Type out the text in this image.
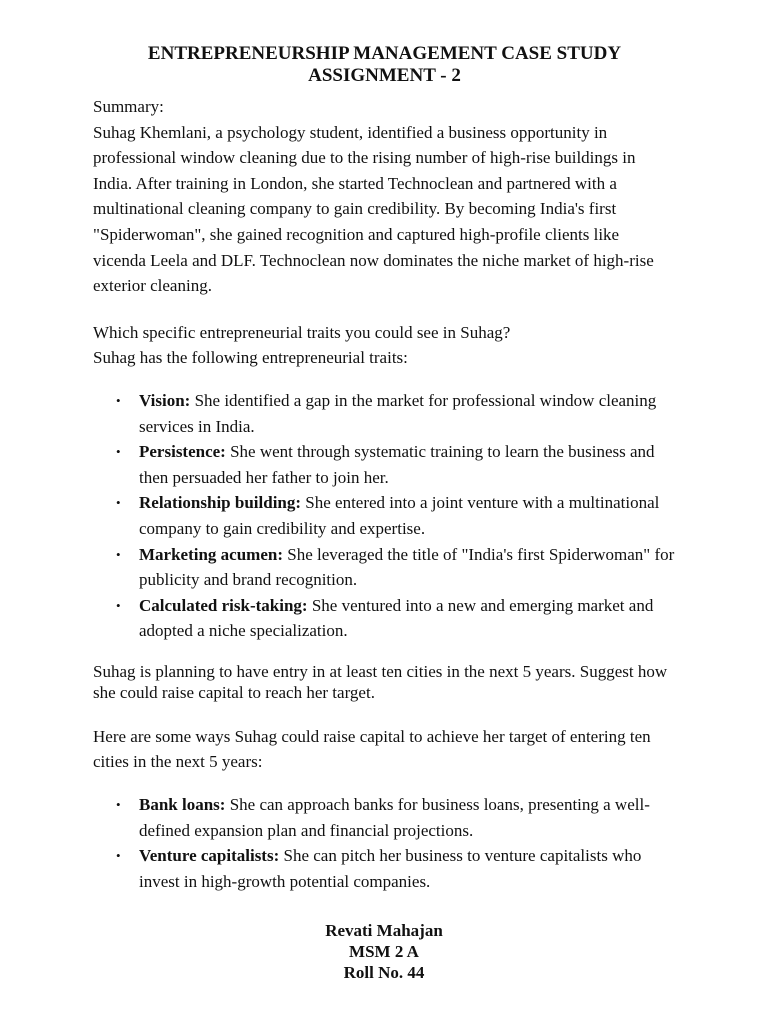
ENTREPRENEURSHIP MANAGEMENT CASE STUDY
ASSIGNMENT - 2

Summary:

Suhag Khemlani, a psychology student, identified a business opportunity in professional window cleaning due to the rising number of high-rise buildings in India. After training in London, she started Technoclean and partnered with a multinational cleaning company to gain credibility. By becoming India's first "Spiderwoman", she gained recognition and captured high-profile clients like vicenda Leela and DLF. Technoclean now dominates the niche market of high-rise exterior cleaning.

Which specific entrepreneurial traits you could see in Suhag?

Suhag has the following entrepreneurial traits:

• Vision: She identified a gap in the market for professional window cleaning services in India.
• Persistence: She went through systematic training to learn the business and then persuaded her father to join her.
• Relationship building: She entered into a joint venture with a multinational company to gain credibility and expertise.
• Marketing acumen: She leveraged the title of "India's first Spiderwoman" for publicity and brand recognition.
• Calculated risk-taking: She ventured into a new and emerging market and adopted a niche specialization.

Suhag is planning to have entry in at least ten cities in the next 5 years. Suggest how she could raise capital to reach her target.

Here are some ways Suhag could raise capital to achieve her target of entering ten cities in the next 5 years:

• Bank loans: She can approach banks for business loans, presenting a well-defined expansion plan and financial projections.
• Venture capitalists: She can pitch her business to venture capitalists who invest in high-growth potential companies.
Revati Mahajan
MSM 2 A
Roll No. 44
